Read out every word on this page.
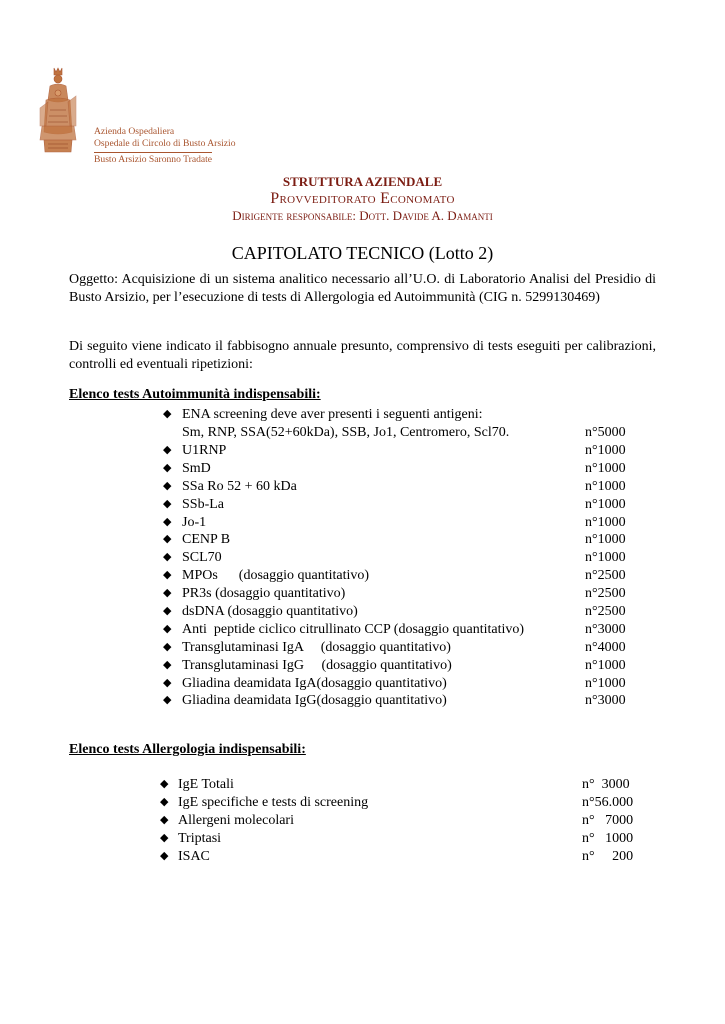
Azienda Ospedaliera
Ospedale di Circolo di Busto Arsizio
Busto Arsizio Saronno Tradate
STRUTTURA AZIENDALE
Provveditorato Economato
Dirigente responsabile: Dott. Davide A. Damanti
CAPITOLATO TECNICO (Lotto 2)

Oggetto: Acquisizione di un sistema analitico necessario all’U.O. di Laboratorio Analisi del Presidio di Busto Arsizio, per l’esecuzione di tests di Allergologia ed Autoimmunità (CIG n. 5299130469)

Di seguito viene indicato il fabbisogno annuale presunto, comprensivo di tests eseguiti per calibrazioni, controlli ed eventuali ripetizioni:

Elenco tests Autoimmunità indispensabili:

◆ ENA screening deve aver presenti i seguenti antigeni:
Sm, RNP, SSA(52+60kDa), SSB, Jo1, Centromero, Scl70.	n°5000
◆ U1RNP	n°1000
◆ SmD	n°1000
◆ SSa Ro 52 + 60 kDa	n°1000
◆ SSb-La	n°1000
◆ Jo-1	n°1000
◆ CENP B	n°1000
◆ SCL70	n°1000
◆ MPOs      (dosaggio quantitativo)	n°2500
◆ PR3s (dosaggio quantitativo)	n°2500
◆ dsDNA (dosaggio quantitativo)	n°2500
◆ Anti  peptide ciclico citrullinato CCP (dosaggio quantitativo)	n°3000
◆ Transglutaminasi IgA     (dosaggio quantitativo)	n°4000
◆ Transglutaminasi IgG     (dosaggio quantitativo)	n°1000
◆ Gliadina deamidata IgA(dosaggio quantitativo)	n°1000
◆ Gliadina deamidata IgG(dosaggio quantitativo)	n°3000

Elenco tests Allergologia indispensabili:

◆ IgE Totali	n°  3000
◆ IgE specifiche e tests di screening	n°56.000
◆ Allergeni molecolari	n°   7000
◆ Triptasi	n°   1000
◆ ISAC	n°     200
